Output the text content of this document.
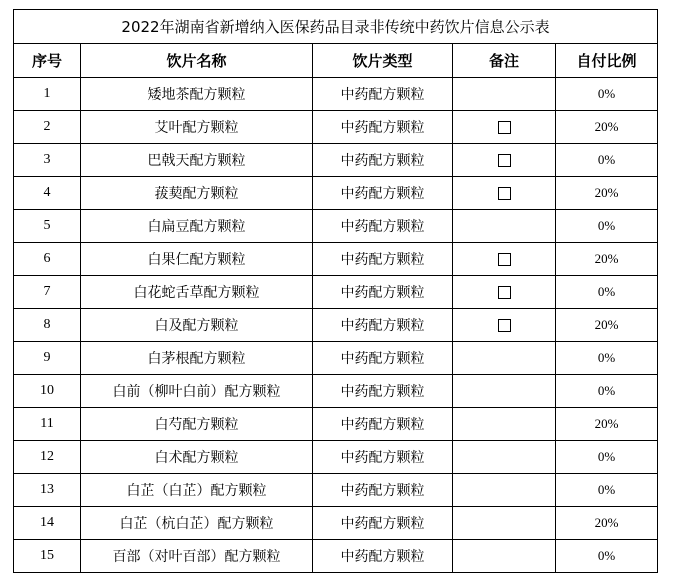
2022年湖南省新增纳入医保药品目录非传统中药饮片信息公示表				
序号	饮片名称	饮片类型	备注	自付比例
1	矮地茶配方颗粒	中药配方颗粒		0%
2	艾叶配方颗粒	中药配方颗粒		20%
3	巴戟天配方颗粒	中药配方颗粒		0%
4	菝葜配方颗粒	中药配方颗粒		20%
5	白扁豆配方颗粒	中药配方颗粒		0%
6	白果仁配方颗粒	中药配方颗粒		20%
7	白花蛇舌草配方颗粒	中药配方颗粒		0%
8	白及配方颗粒	中药配方颗粒		20%
9	白茅根配方颗粒	中药配方颗粒		0%
10	白前（柳叶白前）配方颗粒	中药配方颗粒		0%
11	白芍配方颗粒	中药配方颗粒		20%
12	白术配方颗粒	中药配方颗粒		0%
13	白芷（白芷）配方颗粒	中药配方颗粒		0%
14	白芷（杭白芷）配方颗粒	中药配方颗粒		20%
15	百部（对叶百部）配方颗粒	中药配方颗粒		0%
